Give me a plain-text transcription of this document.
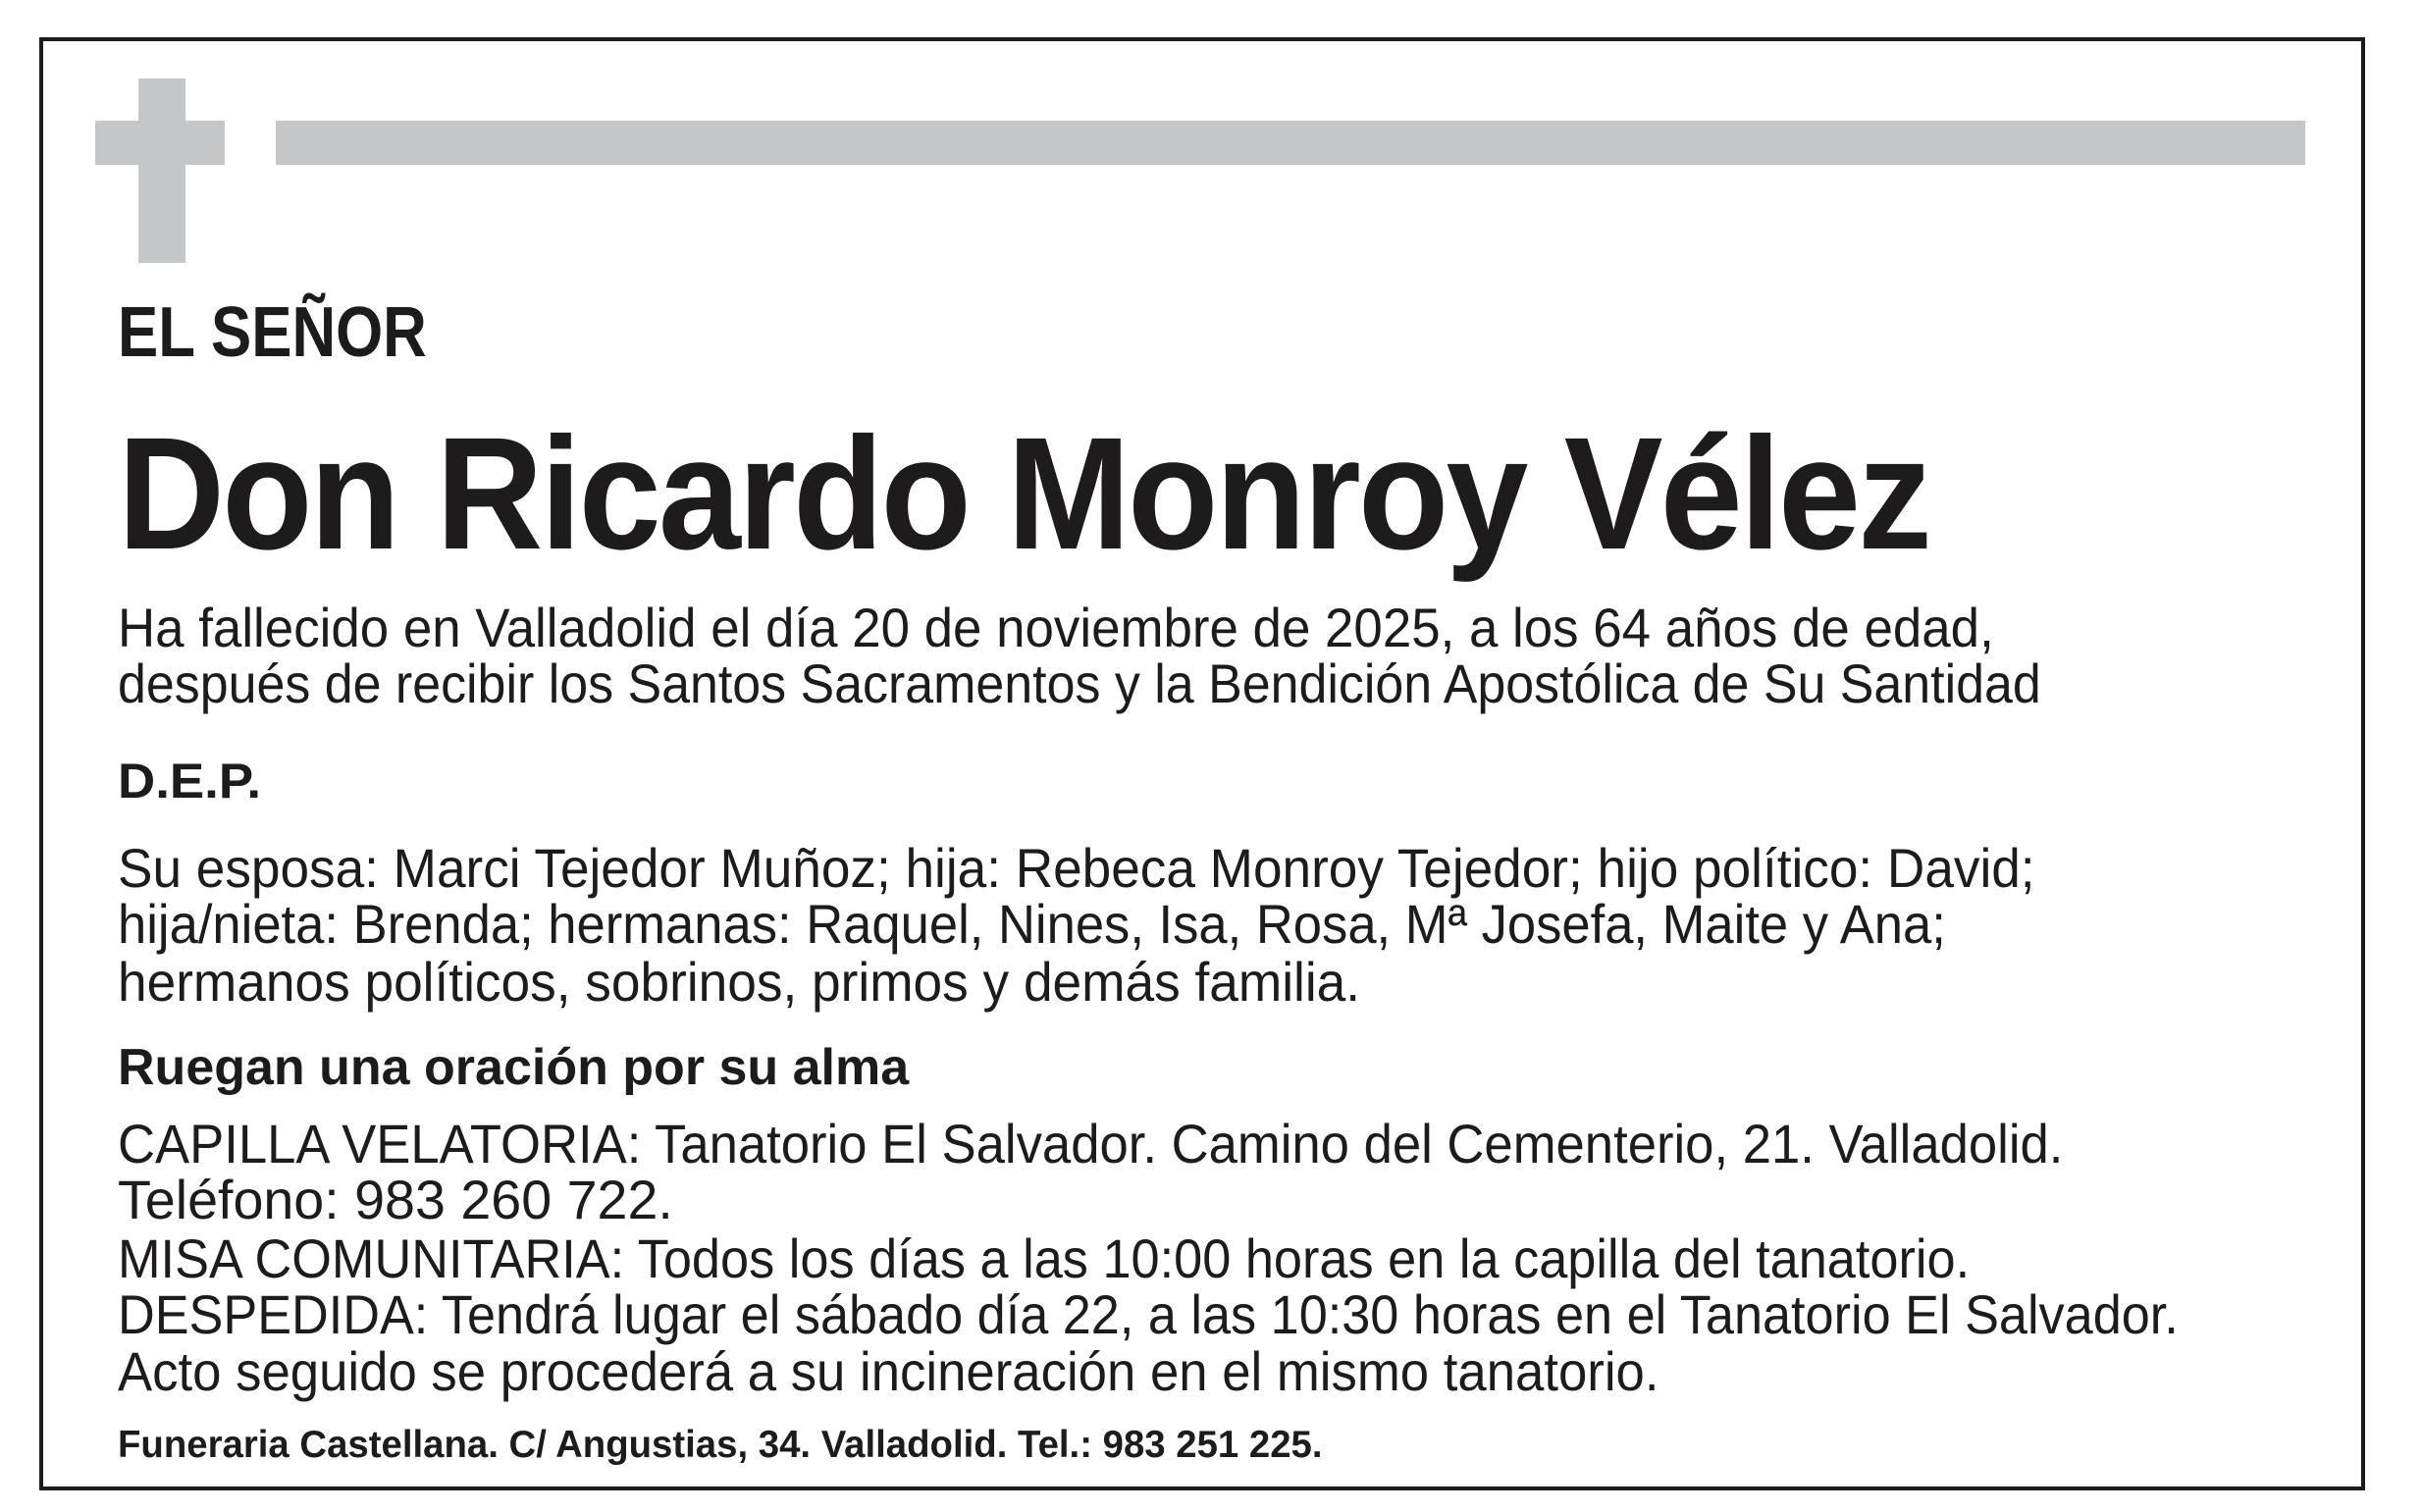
EL SEÑOR
Don Ricardo Monroy Vélez
Ha fallecido en Valladolid el día 20 de noviembre de 2025, a los 64 años de edad,
después de recibir los Santos Sacramentos y la Bendición Apostólica de Su Santidad
D.E.P.
Su esposa: Marci Tejedor Muñoz; hija: Rebeca Monroy Tejedor; hijo político: David;
hija/nieta: Brenda; hermanas: Raquel, Nines, Isa, Rosa, Mª Josefa, Maite y Ana;
hermanos políticos, sobrinos, primos y demás familia.
Ruegan una oración por su alma
CAPILLA VELATORIA: Tanatorio El Salvador. Camino del Cementerio, 21. Valladolid.
Teléfono: 983 260 722.
MISA COMUNITARIA: Todos los días a las 10:00 horas en la capilla del tanatorio.
DESPEDIDA: Tendrá lugar el sábado día 22, a las 10:30 horas en el Tanatorio El Salvador.
Acto seguido se procederá a su incineración en el mismo tanatorio.
Funeraria Castellana. C/ Angustias, 34. Valladolid. Tel.: 983 251 225.
